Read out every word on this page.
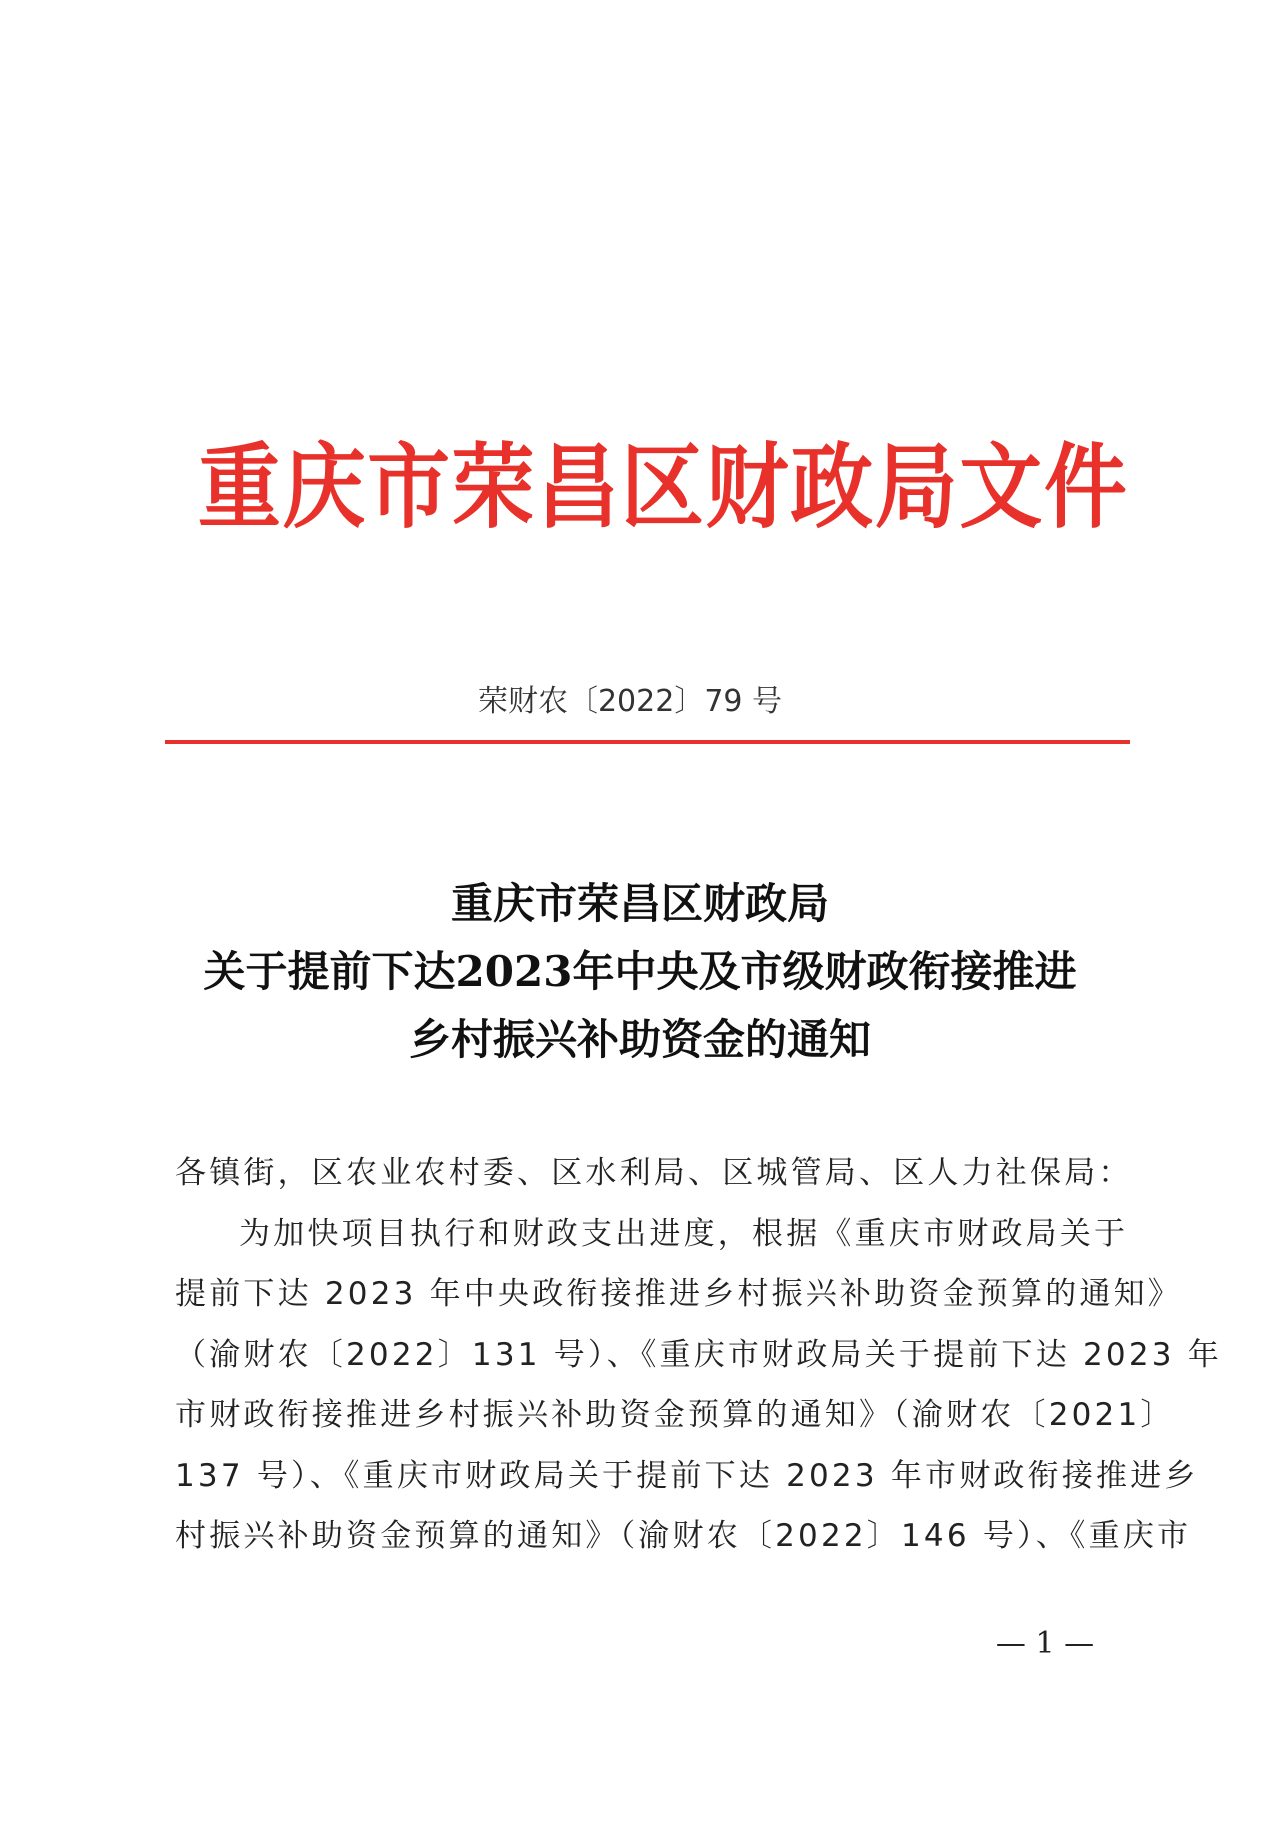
重庆市荣昌区财政局文件
荣财农〔2022〕79 号
重庆市荣昌区财政局
关于提前下达2023年中央及市级财政衔接推进
乡村振兴补助资金的通知
各镇街，区农业农村委、区水利局、区城管局、区人力社保局：
为加快项目执行和财政支出进度，根据《重庆市财政局关于
提前下达 2023 年中央政衔接推进乡村振兴补助资金预算的通知》
（渝财农〔2022〕131 号）、《重庆市财政局关于提前下达 2023 年
市财政衔接推进乡村振兴补助资金预算的通知》（渝财农〔2021〕
137 号）、《重庆市财政局关于提前下达 2023 年市财政衔接推进乡
村振兴补助资金预算的通知》（渝财农〔2022〕146 号）、《重庆市
— 1 —
